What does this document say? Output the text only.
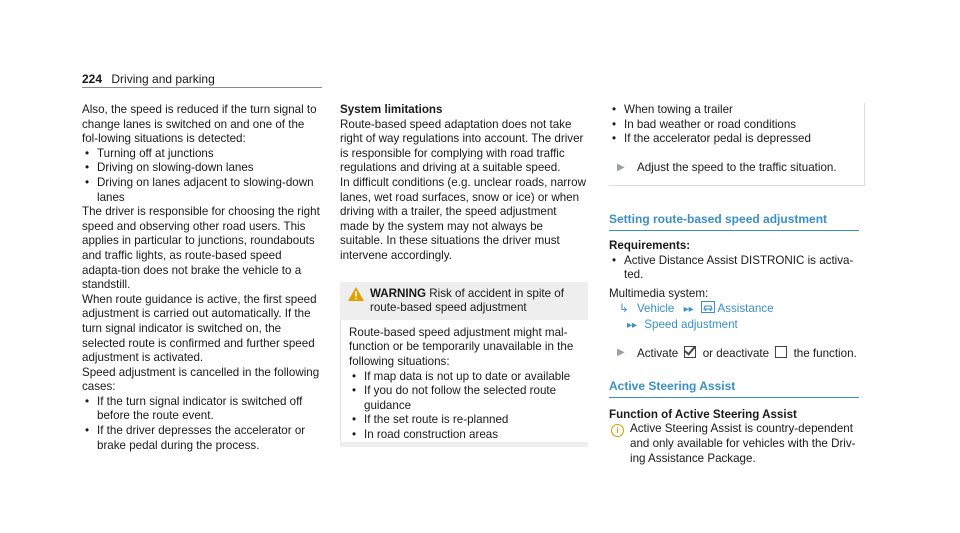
224 Driving and parking

Also, the speed is reduced if the turn signal to change lanes is switched on and one of the fol-lowing situations is detected:

• Turning off at junctions
• Driving on slowing-down lanes
• Driving on lanes adjacent to slowing-down lanes

The driver is responsible for choosing the right speed and observing other road users. This applies in particular to junctions, roundabouts and traffic lights, as route-based speed adapta-tion does not brake the vehicle to a standstill.

When route guidance is active, the first speed adjustment is carried out automatically. If the turn signal indicator is switched on, the selected route is confirmed and further speed adjustment is activated.

Speed adjustment is cancelled in the following cases:

• If the turn signal indicator is switched off before the route event.
• If the driver depresses the accelerator or brake pedal during the process.

System limitations

Route-based speed adaptation does not take right of way regulations into account. The driver is responsible for complying with road traffic regulations and driving at a suitable speed.

In difficult conditions (e.g. unclear roads, narrow lanes, wet road surfaces, snow or ice) or when driving with a trailer, the speed adjustment made by the system may not always be suitable. In these situations the driver must intervene accordingly.

WARNING Risk of accident in spite of route-based speed adjustment

Route-based speed adjustment might mal-function or be temporarily unavailable in the following situations:

• If map data is not up to date or available
• If you do not follow the selected route guidance
• If the set route is re-planned
• In road construction areas
• When towing a trailer
• In bad weather or road conditions
• If the accelerator pedal is depressed
▶	Adjust the speed to the traffic situation.
Setting route-based speed adjustment

Requirements:

• Active Distance Assist DISTRONIC is activa-ted.

Multimedia system:

↳ Vehicle ▸▸ Assistance
▸▸ Speed adjustment
▶	Activate or deactivate the function.
Active Steering Assist

Function of Active Steering Assist

i Active Steering Assist is country-dependent and only available for vehicles with the Driv-ing Assistance Package.
